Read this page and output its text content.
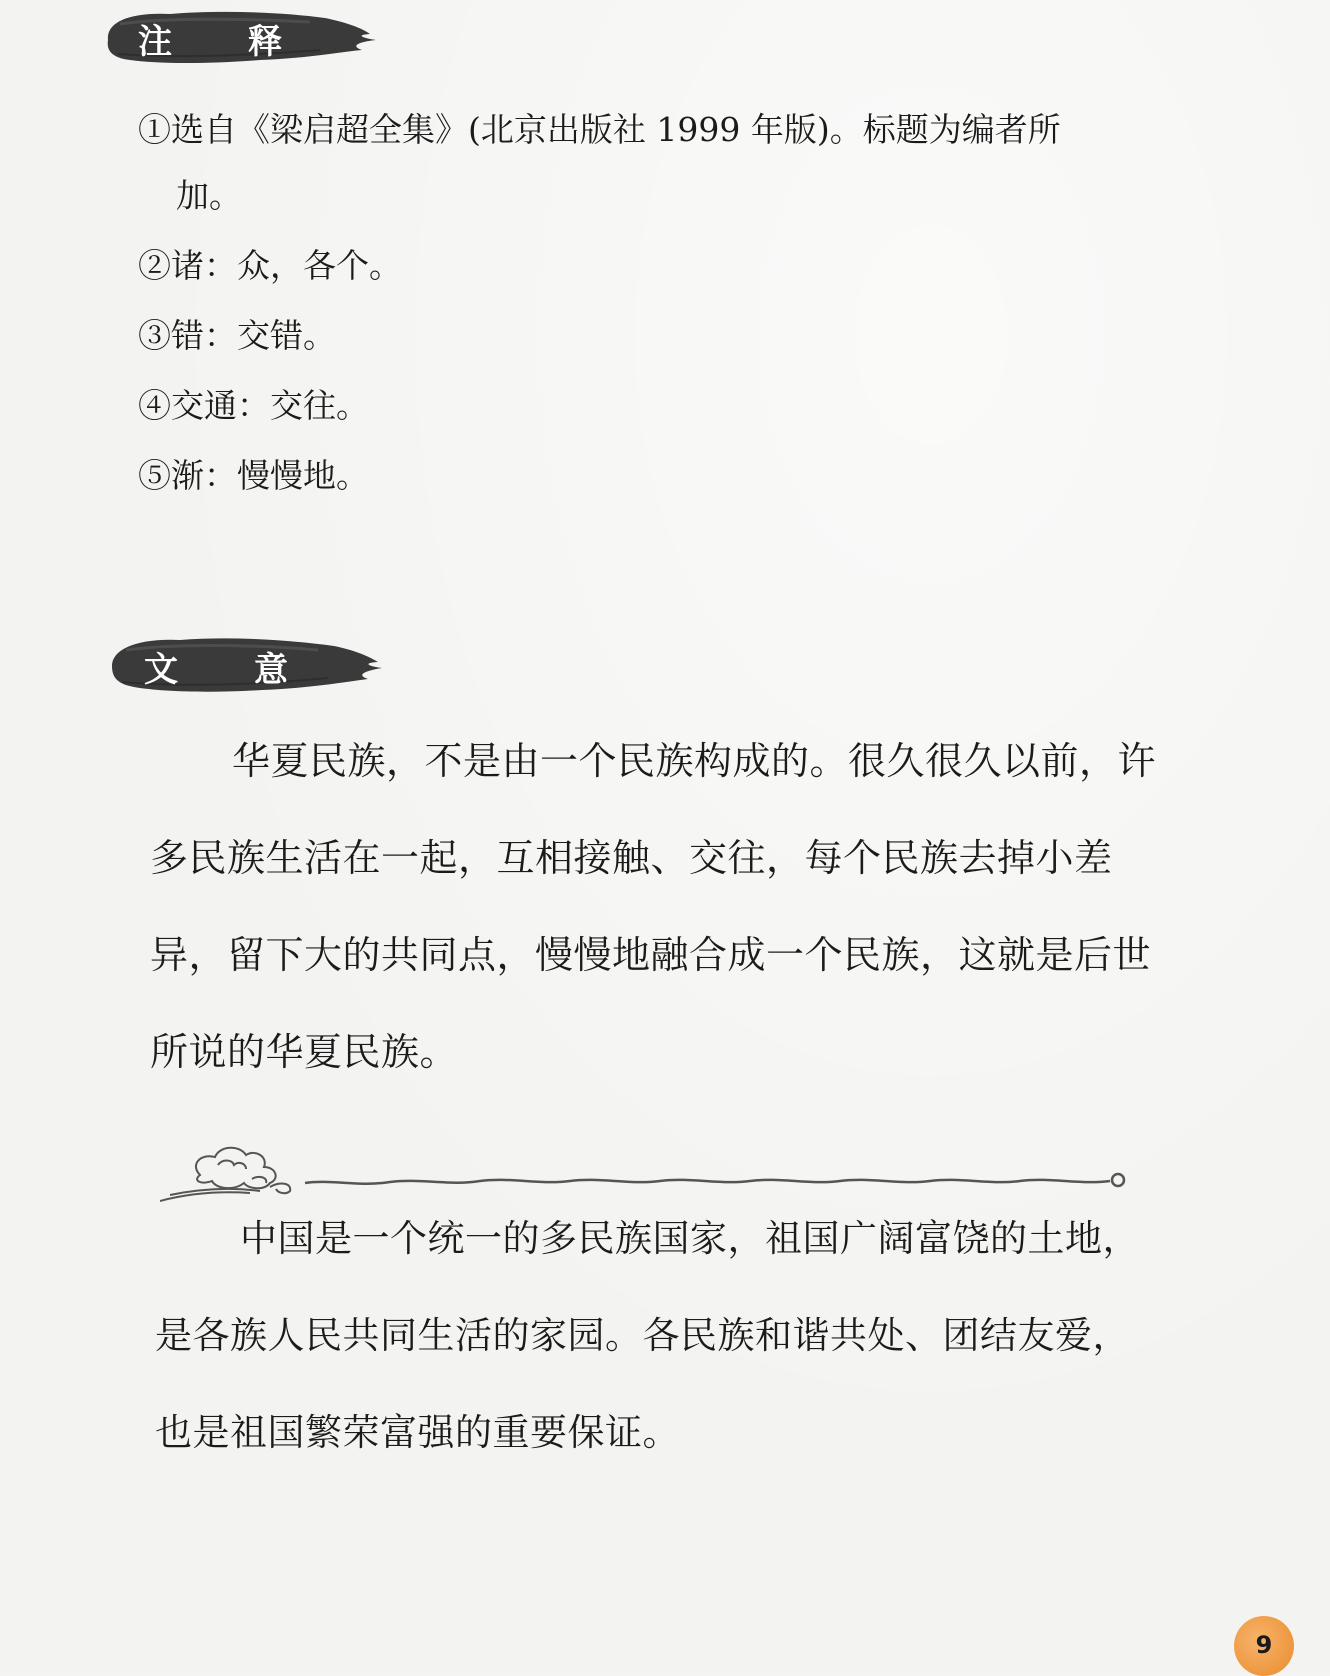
注 释
①选自《梁启超全集》(北京出版社 1999 年版)。标题为编者所
加。
②诸：众，各个。
③错：交错。
④交通：交往。
⑤渐：慢慢地。
文 意
华夏民族，不是由一个民族构成的。很久很久以前，许
多民族生活在一起，互相接触、交往，每个民族去掉小差
异，留下大的共同点，慢慢地融合成一个民族，这就是后世
所说的华夏民族。
中国是一个统一的多民族国家，祖国广阔富饶的土地，
是各族人民共同生活的家园。各民族和谐共处、团结友爱，
也是祖国繁荣富强的重要保证。
9
